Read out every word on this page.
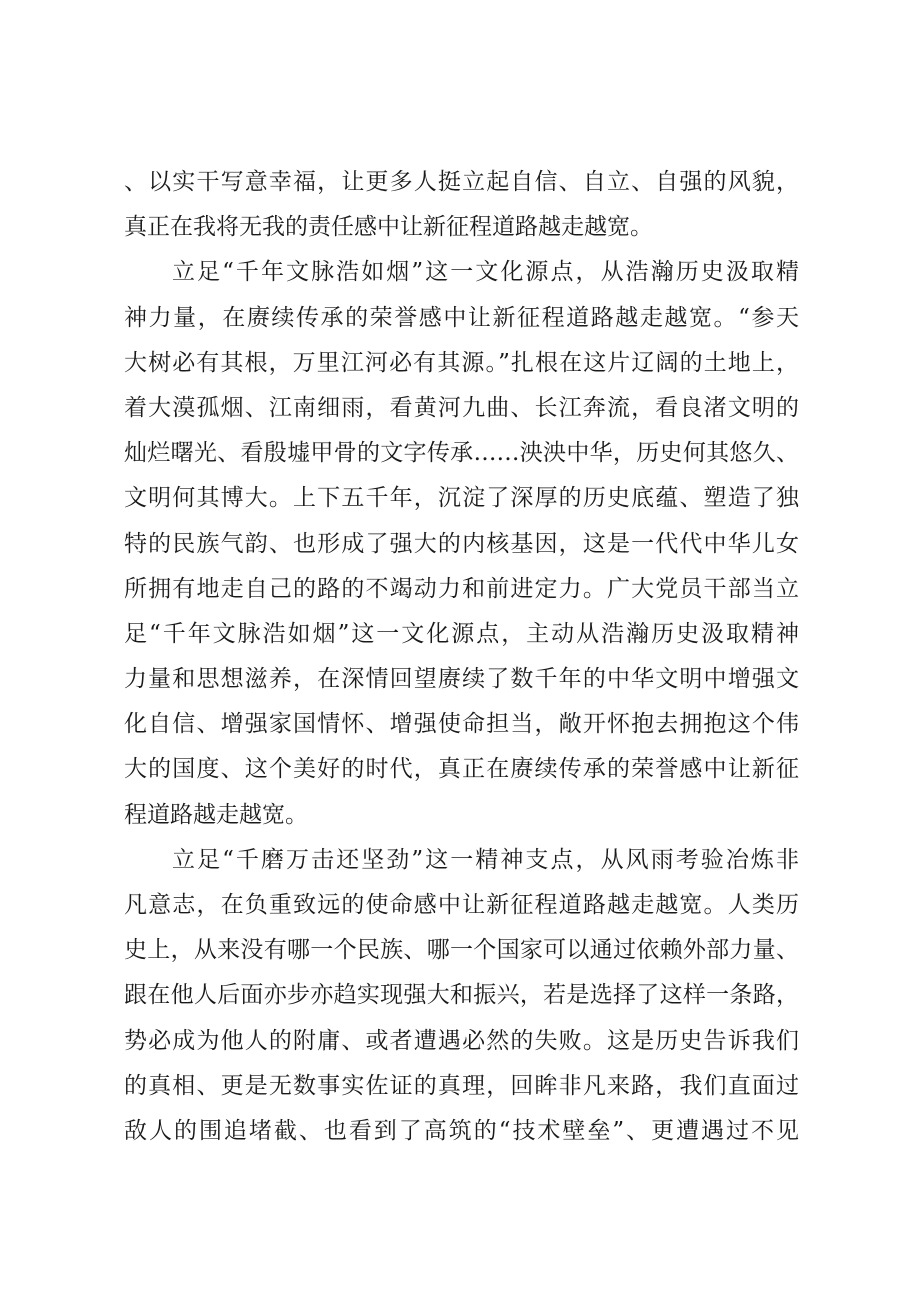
、以实干写意幸福，让更多人挺立起自信、自立、自强的风貌，
真正在我将无我的责任感中让新征程道路越走越宽。
立足“千年文脉浩如烟”这一文化源点，从浩瀚历史汲取精
神力量，在赓续传承的荣誉感中让新征程道路越走越宽。“参天
大树必有其根，万里江河必有其源。”扎根在这片辽阔的土地上，
着大漠孤烟、江南细雨，看黄河九曲、长江奔流，看良渚文明的
灿烂曙光、看殷墟甲骨的文字传承……泱泱中华，历史何其悠久、
文明何其博大。上下五千年，沉淀了深厚的历史底蕴、塑造了独
特的民族气韵、也形成了强大的内核基因，这是一代代中华儿女
所拥有地走自己的路的不竭动力和前进定力。广大党员干部当立
足“千年文脉浩如烟”这一文化源点，主动从浩瀚历史汲取精神
力量和思想滋养，在深情回望赓续了数千年的中华文明中增强文
化自信、增强家国情怀、增强使命担当，敞开怀抱去拥抱这个伟
大的国度、这个美好的时代，真正在赓续传承的荣誉感中让新征
程道路越走越宽。
立足“千磨万击还坚劲”这一精神支点，从风雨考验冶炼非
凡意志，在负重致远的使命感中让新征程道路越走越宽。人类历
史上，从来没有哪一个民族、哪一个国家可以通过依赖外部力量、
跟在他人后面亦步亦趋实现强大和振兴，若是选择了这样一条路，
势必成为他人的附庸、或者遭遇必然的失败。这是历史告诉我们
的真相、更是无数事实佐证的真理，回眸非凡来路，我们直面过
敌人的围追堵截、也看到了高筑的“技术壁垒”、更遭遇过不见
